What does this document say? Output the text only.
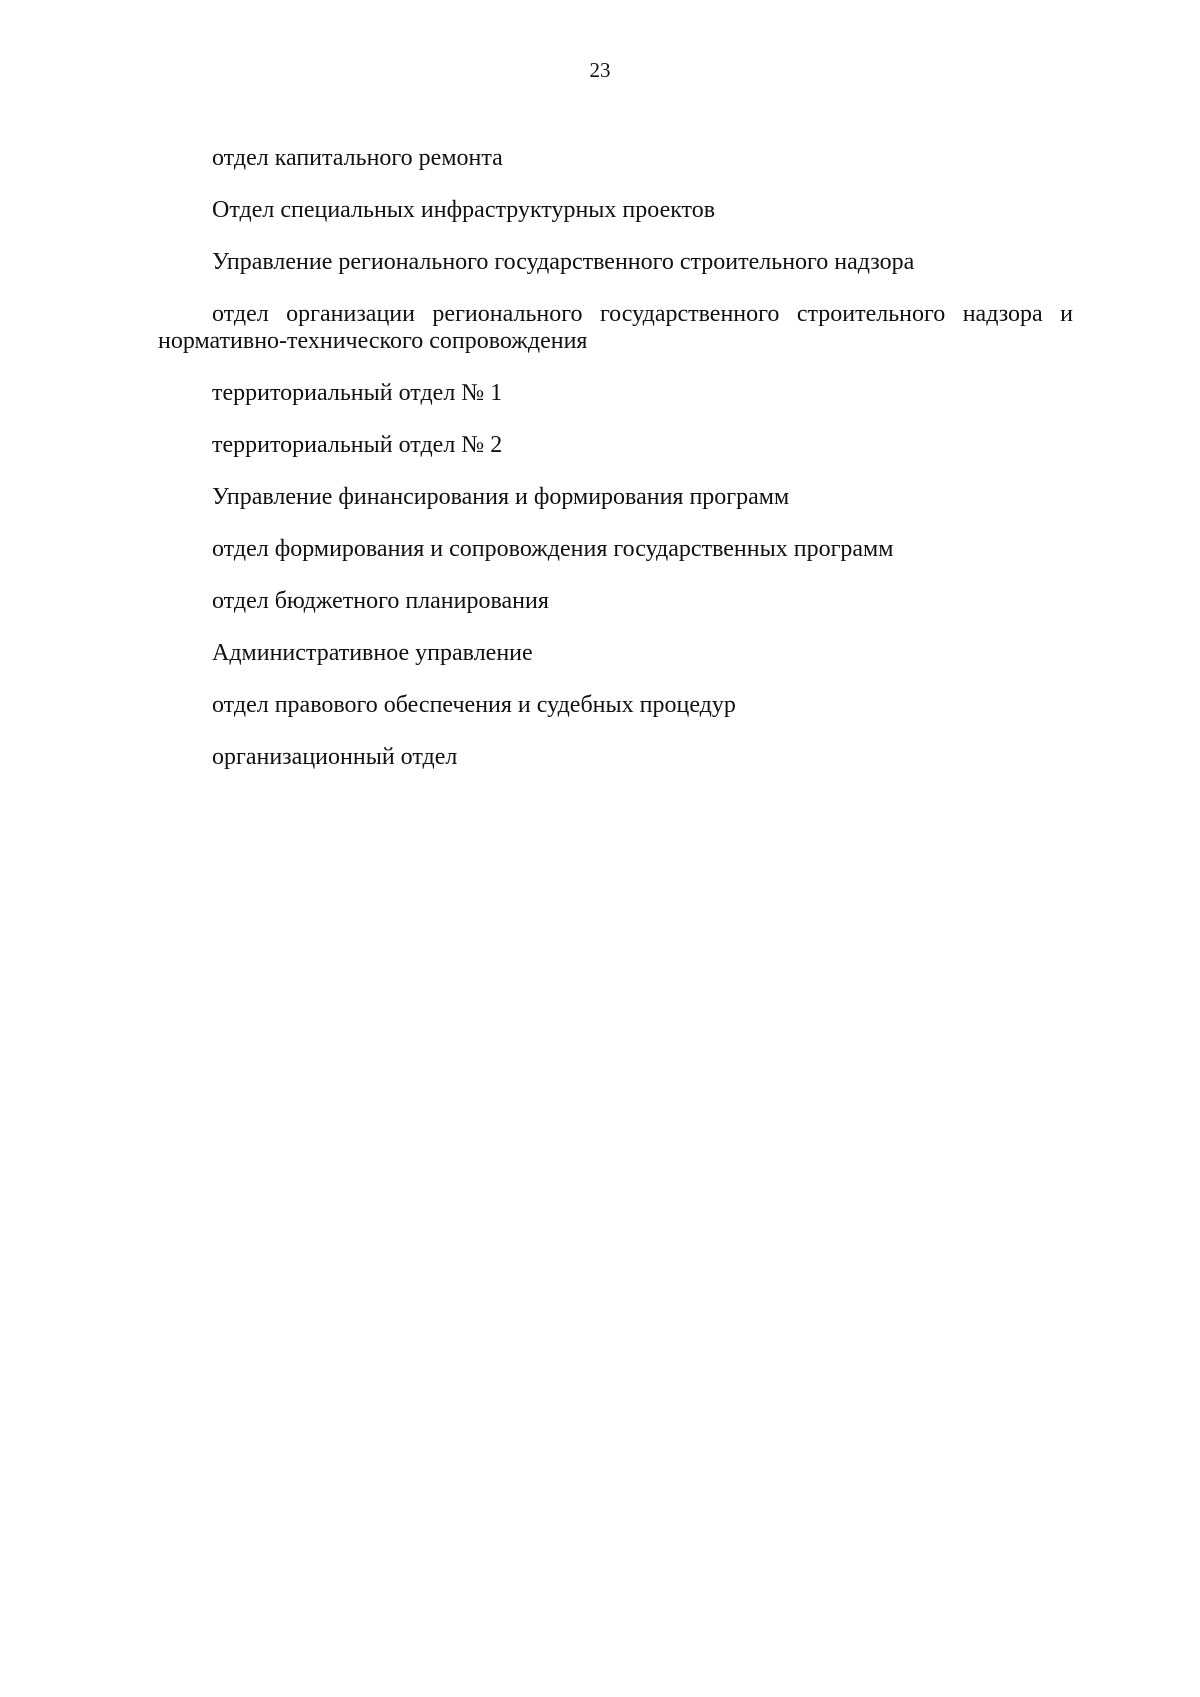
23

отдел капитального ремонта

Отдел специальных инфраструктурных проектов

Управление регионального государственного строительного надзора

отдел организации регионального государственного строительного надзора и нормативно-технического сопровождения

территориальный отдел № 1

территориальный отдел № 2

Управление финансирования и формирования программ

отдел формирования и сопровождения государственных программ

отдел бюджетного планирования

Административное управление

отдел правового обеспечения и судебных процедур

организационный отдел
